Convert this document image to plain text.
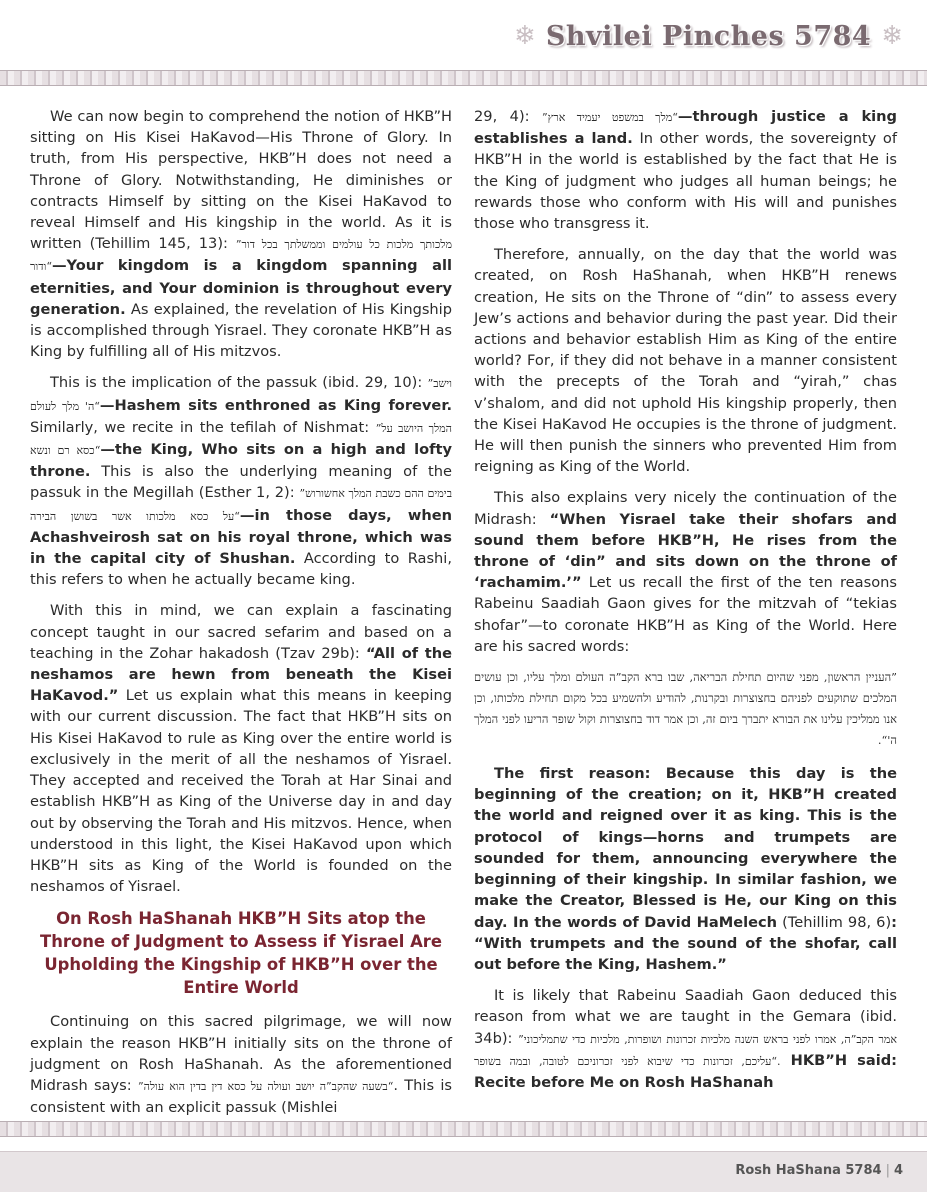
❄ Shvilei Pinches 5784 ❄

We can now begin to comprehend the notion of HKB”H sitting on His Kisei HaKavod—His Throne of Glory. In truth, from His perspective, HKB”H does not need a Throne of Glory. Notwithstanding, He diminishes or contracts Himself by sitting on the Kisei HaKavod to reveal Himself and His kingship in the world. As it is written (Tehillim 145, 13): ”מלכותך מלכות כל עולמים וממשלתך בכל דור ודור“—Your kingdom is a kingdom spanning all eternities, and Your dominion is throughout every generation. As explained, the revelation of His Kingship is accomplished through Yisrael. They coronate HKB”H as King by fulfilling all of His mitzvos.

This is the implication of the passuk (ibid. 29, 10): ”וישב ה' מלך לעולם“—Hashem sits enthroned as King forever. Similarly, we recite in the tefilah of Nishmat: ”המלך היושב על כסא רם ונשא“—the King, Who sits on a high and lofty throne. This is also the underlying meaning of the passuk in the Megillah (Esther 1, 2): ”בימים ההם כשבת המלך אחשורוש על כסא מלכותו אשר בשושן הבירה“—in those days, when Achashveirosh sat on his royal throne, which was in the capital city of Shushan. According to Rashi, this refers to when he actually became king.

With this in mind, we can explain a fascinating concept taught in our sacred sefarim and based on a teaching in the Zohar hakadosh (Tzav 29b): “All of the neshamos are hewn from beneath the Kisei HaKavod.” Let us explain what this means in keeping with our current discussion. The fact that HKB”H sits on His Kisei HaKavod to rule as King over the entire world is exclusively in the merit of all the neshamos of Yisrael. They accepted and received the Torah at Har Sinai and establish HKB”H as King of the Universe day in and day out by observing the Torah and His mitzvos. Hence, when understood in this light, the Kisei HaKavod upon which HKB”H sits as King of the World is founded on the neshamos of Yisrael.

On Rosh HaShanah HKB”H Sits atop the Throne of Judgment to Assess if Yisrael Are Upholding the Kingship of HKB”H over the Entire World

Continuing on this sacred pilgrimage, we will now explain the reason HKB”H initially sits on the throne of judgment on Rosh HaShanah. As the aforementioned Midrash says: ”בשעה שהקב”ה יושב ועולה על כסא דין בדין הוא עולה“. This is consistent with an explicit passuk (Mishlei

29, 4): ”מלך במשפט יעמיד ארץ“—through justice a king establishes a land. In other words, the sovereignty of HKB”H in the world is established by the fact that He is the King of judgment who judges all human beings; he rewards those who conform with His will and punishes those who transgress it.

Therefore, annually, on the day that the world was created, on Rosh HaShanah, when HKB”H renews creation, He sits on the Throne of “din” to assess every Jew’s actions and behavior during the past year. Did their actions and behavior establish Him as King of the entire world? For, if they did not behave in a manner consistent with the precepts of the Torah and “yirah,” chas v’shalom, and did not uphold His kingship properly, then the Kisei HaKavod He occupies is the throne of judgment. He will then punish the sinners who prevented Him from reigning as King of the World.

This also explains very nicely the continuation of the Midrash: “When Yisrael take their shofars and sound them before HKB”H, He rises from the throne of ‘din” and sits down on the throne of ‘rachamim.’” Let us recall the first of the ten reasons Rabeinu Saadiah Gaon gives for the mitzvah of “tekias shofar”—to coronate HKB”H as King of the World. Here are his sacred words:

”העניין הראשון, מפני שהיום תחילת הבריאה, שבו ברא הקב”ה העולם ומלך עליו, וכן עושים המלכים שתוקעים לפניהם בחצוצרות ובקרנות, להודיע ולהשמיע בכל מקום תחילת מלכותו, וכן אנו ממליכין עלינו את הבורא יתברך ביום זה, וכן אמר דוד בחצוצרות וקול שופר הריעו לפני המלך ה'“.

The first reason: Because this day is the beginning of the creation; on it, HKB”H created the world and reigned over it as king. This is the protocol of kings—horns and trumpets are sounded for them, announcing everywhere the beginning of their kingship. In similar fashion, we make the Creator, Blessed is He, our King on this day. In the words of David HaMelech (Tehillim 98, 6): “With trumpets and the sound of the shofar, call out before the King, Hashem.”

It is likely that Rabeinu Saadiah Gaon deduced this reason from what we are taught in the Gemara (ibid. 34b): ”אמר הקב”ה, אמרו לפני בראש השנה מלכיות זכרונות ושופרות, מלכיות כדי שתמליכוני עליכם, זכרונות כדי שיבוא לפני זכרוניכם לטובה, ובמה בשופר“. HKB”H said: Recite before Me on Rosh HaShanah

Rosh HaShana 5784 | 4
